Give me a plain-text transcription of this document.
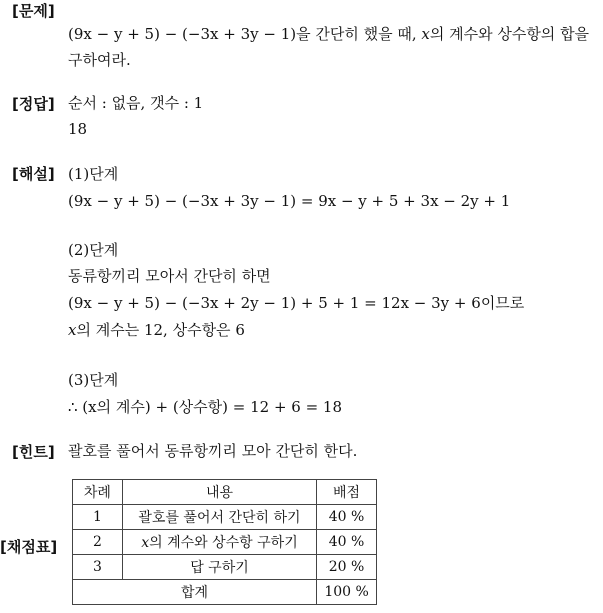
[문제]
(9x − y + 5) − (−3x + 3y − 1)을 간단히 했을 때, x의 계수와 상수항의 합을
구하여라.
[정답] 순서 : 없음, 갯수 : 1
18
[해설] (1)단계
(9x − y + 5) − (−3x + 3y − 1) = 9x − y + 5 + 3x − 2y + 1
(2)단계
동류항끼리 모아서 간단히 하면
(9x − y + 5) − (−3x + 2y − 1) + 5 + 1 = 12x − 3y + 6이므로
x의 계수는 12, 상수항은 6
(3)단계
∴ (x의 계수) + (상수항) = 12 + 6 = 18
[힌트] 괄호를 풀어서 동류항끼리 모아 간단히 한다.
[채점표]
차례	내용	배점
1	괄호를 풀어서 간단히 하기	40 %
2	x의 계수와 상수항 구하기	40 %
3	답 구하기	20 %
합계		100 %
